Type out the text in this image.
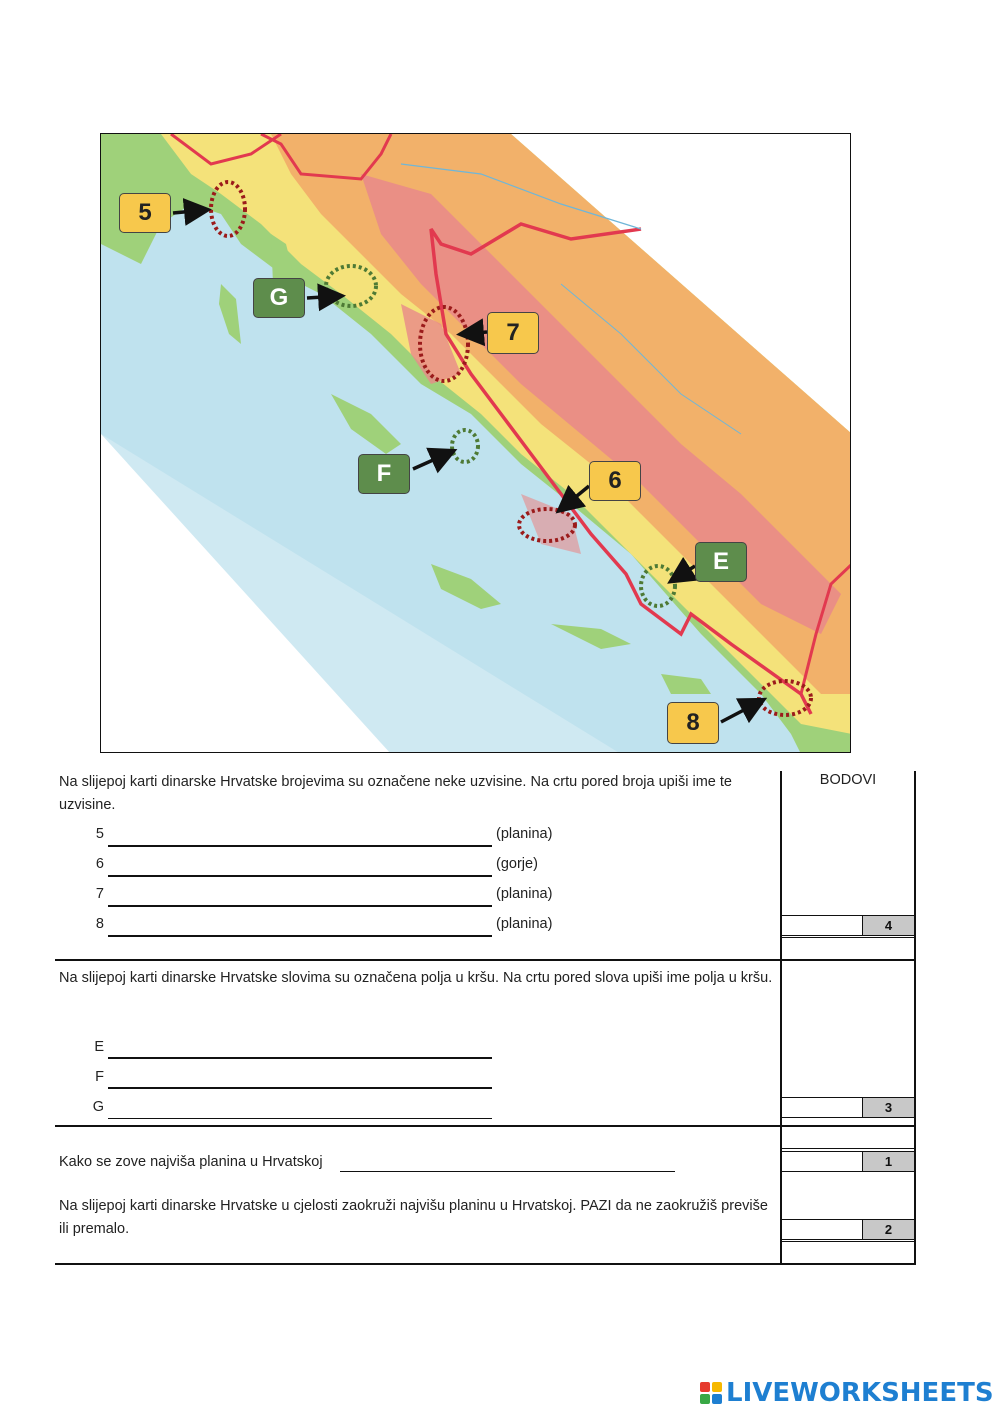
5
G
7
F	6
E
8
BODOVI
Na slijepoj karti dinarske Hrvatske brojevima su označene neke uzvisine. Na crtu pored broja upiši ime te uzvisine.
5	(planina)
6	(gorje)
7	(planina)
8	(planina)	4
Na slijepoj karti dinarske Hrvatske slovima su označena polja u kršu. Na crtu pored slova upiši ime polja u kršu.
E
F
G	3
Kako se zove najviša planina u Hrvatskoj	1
Na slijepoj karti dinarske Hrvatske u cjelosti zaokruži najvišu planinu u Hrvatskoj. PAZI da ne zaokružiš previše ili premalo.	2
LIVEWORKSHEETS
